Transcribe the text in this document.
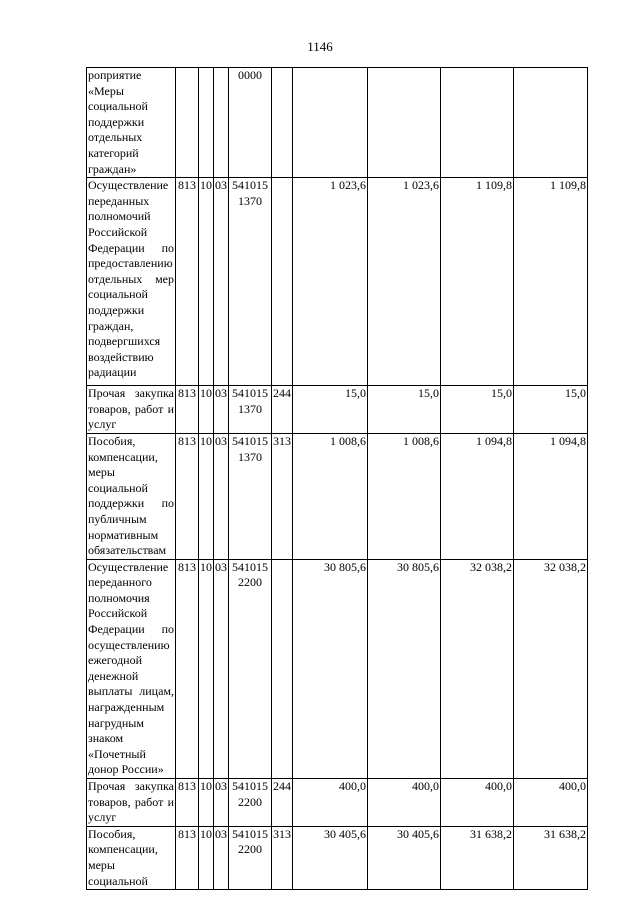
1146
роприятие «Меры социальной поддержки отдельных категорий граждан»				0000					
Осуществление переданных полномочий Российской Федерации по предоставлению отдельных мер социальной поддержки граждан, подвергшихся воздействию радиации	813	10	03	541015 1370		1 023,6	1 023,6	1 109,8	1 109,8
Прочая закупка товаров, работ и услуг	813	10	03	541015 1370	244	15,0	15,0	15,0	15,0
Пособия, компенсации, меры социальной поддержки по публичным нормативным обязательствам	813	10	03	541015 1370	313	1 008,6	1 008,6	1 094,8	1 094,8
Осуществление переданного полномочия Российской Федерации по осуществлению ежегодной денежной выплаты лицам, награжденным нагрудным знаком «Почетный донор России»	813	10	03	541015 2200		30 805,6	30 805,6	32 038,2	32 038,2
Прочая закупка товаров, работ и услуг	813	10	03	541015 2200	244	400,0	400,0	400,0	400,0
Пособия, компенсации, меры социальной	813	10	03	541015 2200	313	30 405,6	30 405,6	31 638,2	31 638,2
